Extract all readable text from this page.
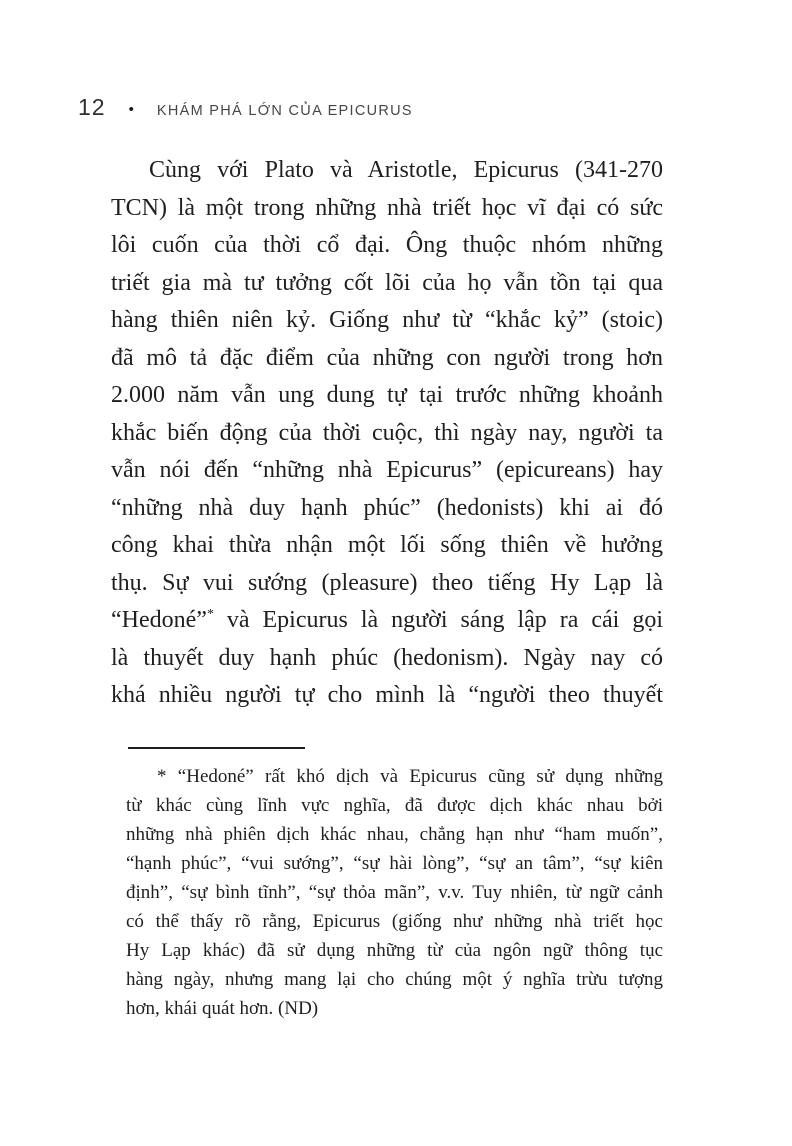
12 • KHÁM PHÁ LỚN CỦA EPICURUS
Cùng với Plato và Aristotle, Epicurus (341-270
TCN) là một trong những nhà triết học vĩ đại có sức
lôi cuốn của thời cổ đại. Ông thuộc nhóm những
triết gia mà tư tưởng cốt lõi của họ vẫn tồn tại qua
hàng thiên niên kỷ. Giống như từ “khắc kỷ” (stoic)
đã mô tả đặc điểm của những con người trong hơn
2.000 năm vẫn ung dung tự tại trước những khoảnh
khắc biến động của thời cuộc, thì ngày nay, người ta
vẫn nói đến “những nhà Epicurus” (epicureans) hay
“những nhà duy hạnh phúc” (hedonists) khi ai đó
công khai thừa nhận một lối sống thiên về hưởng
thụ. Sự vui sướng (pleasure) theo tiếng Hy Lạp là
“Hedoné”* và Epicurus là người sáng lập ra cái gọi
là thuyết duy hạnh phúc (hedonism). Ngày nay có
khá nhiều người tự cho mình là “người theo thuyết
* “Hedoné” rất khó dịch và Epicurus cũng sử dụng những
từ khác cùng lĩnh vực nghĩa, đã được dịch khác nhau bởi
những nhà phiên dịch khác nhau, chẳng hạn như “ham muốn”,
“hạnh phúc”, “vui sướng”, “sự hài lòng”, “sự an tâm”, “sự kiên
định”, “sự bình tĩnh”, “sự thỏa mãn”, v.v. Tuy nhiên, từ ngữ cảnh
có thể thấy rõ rằng, Epicurus (giống như những nhà triết học
Hy Lạp khác) đã sử dụng những từ của ngôn ngữ thông tục
hàng ngày, nhưng mang lại cho chúng một ý nghĩa trừu tượng
hơn, khái quát hơn. (ND)
